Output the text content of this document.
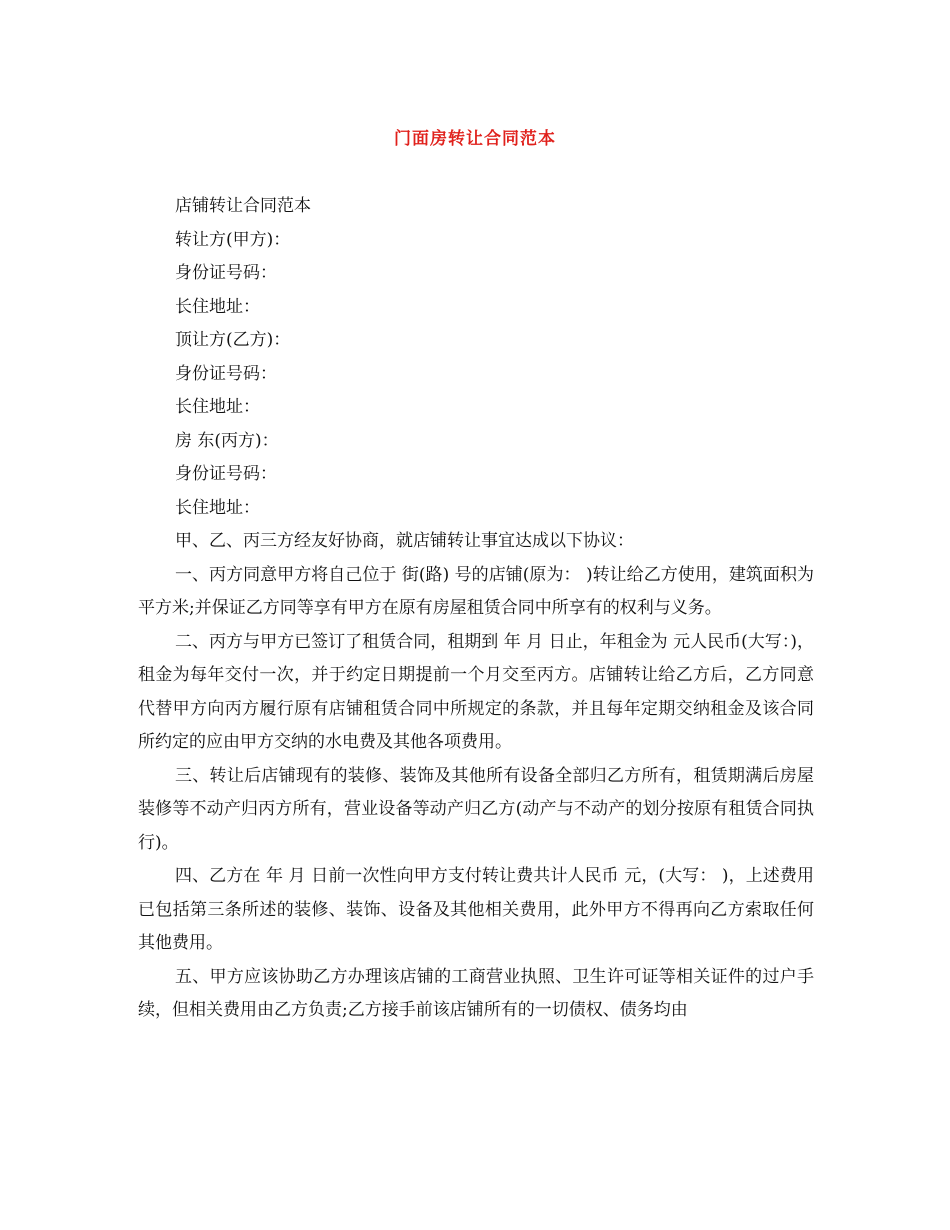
门面房转让合同范本
店铺转让合同范本
转让方(甲方)：
身份证号码：
长住地址：
顶让方(乙方)：
身份证号码：
长住地址：
房 东(丙方)：
身份证号码：
长住地址：

甲、乙、丙三方经友好协商，就店铺转让事宜达成以下协议：

一、丙方同意甲方将自己位于 街(路) 号的店铺(原为： )转让给乙方使用，建筑面积为 平方米;并保证乙方同等享有甲方在原有房屋租赁合同中所享有的权利与义务。

二、丙方与甲方已签订了租赁合同，租期到 年 月 日止，年租金为 元人民币(大写：)，租金为每年交付一次，并于约定日期提前一个月交至丙方。店铺转让给乙方后，乙方同意代替甲方向丙方履行原有店铺租赁合同中所规定的条款，并且每年定期交纳租金及该合同所约定的应由甲方交纳的水电费及其他各项费用。

三、转让后店铺现有的装修、装饰及其他所有设备全部归乙方所有，租赁期满后房屋装修等不动产归丙方所有，营业设备等动产归乙方(动产与不动产的划分按原有租赁合同执行)。

四、乙方在 年 月 日前一次性向甲方支付转让费共计人民币 元，(大写： )，上述费用已包括第三条所述的装修、装饰、设备及其他相关费用，此外甲方不得再向乙方索取任何其他费用。

五、甲方应该协助乙方办理该店铺的工商营业执照、卫生许可证等相关证件的过户手续，但相关费用由乙方负责;乙方接手前该店铺所有的一切债权、债务均由
